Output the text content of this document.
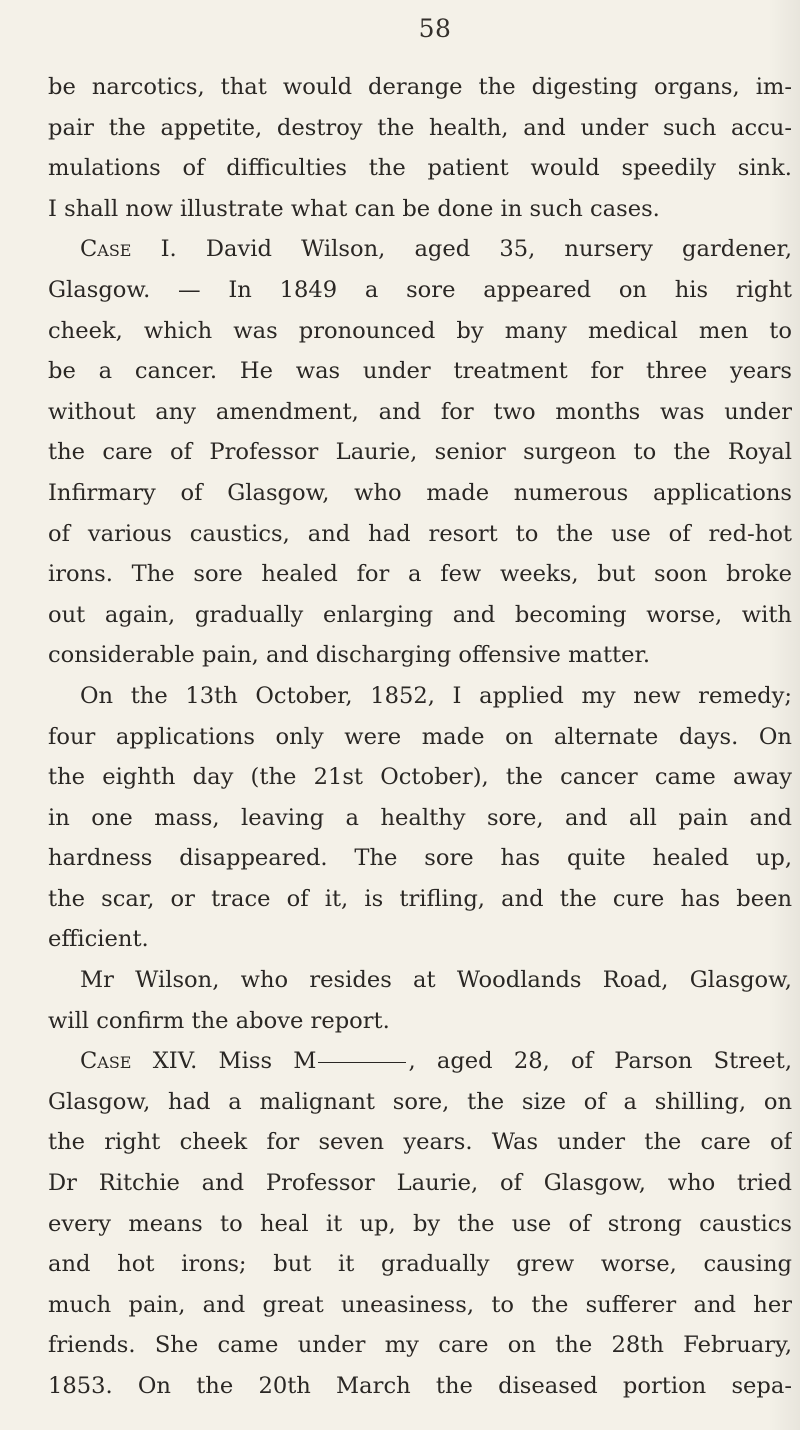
58
be narcotics, that would derange the digesting organs, im-
pair the appetite, destroy the health, and under such accu-
mulations of difficulties the patient would speedily sink.
I shall now illustrate what can be done in such cases.
Case I. David Wilson, aged 35, nursery gardener,
Glasgow. — In 1849 a sore appeared on his right
cheek, which was pronounced by many medical men to
be a cancer. He was under treatment for three years
without any amendment, and for two months was under
the care of Professor Laurie, senior surgeon to the Royal
Infirmary of Glasgow, who made numerous applications
of various caustics, and had resort to the use of red-hot
irons. The sore healed for a few weeks, but soon broke
out again, gradually enlarging and becoming worse, with
considerable pain, and discharging offensive matter.
On the 13th October, 1852, I applied my new remedy;
four applications only were made on alternate days. On
the eighth day (the 21st October), the cancer came away
in one mass, leaving a healthy sore, and all pain and
hardness disappeared. The sore has quite healed up,
the scar, or trace of it, is trifling, and the cure has been
efficient.
Mr Wilson, who resides at Woodlands Road, Glasgow,
will confirm the above report.
Case XIV. Miss M	, aged 28, of Parson Street,
Glasgow, had a malignant sore, the size of a shilling, on
the right cheek for seven years. Was under the care of
Dr Ritchie and Professor Laurie, of Glasgow, who tried
every means to heal it up, by the use of strong caustics
and hot irons; but it gradually grew worse, causing
much pain, and great uneasiness, to the sufferer and her
friends. She came under my care on the 28th February,
1853. On the 20th March the diseased portion sepa-
